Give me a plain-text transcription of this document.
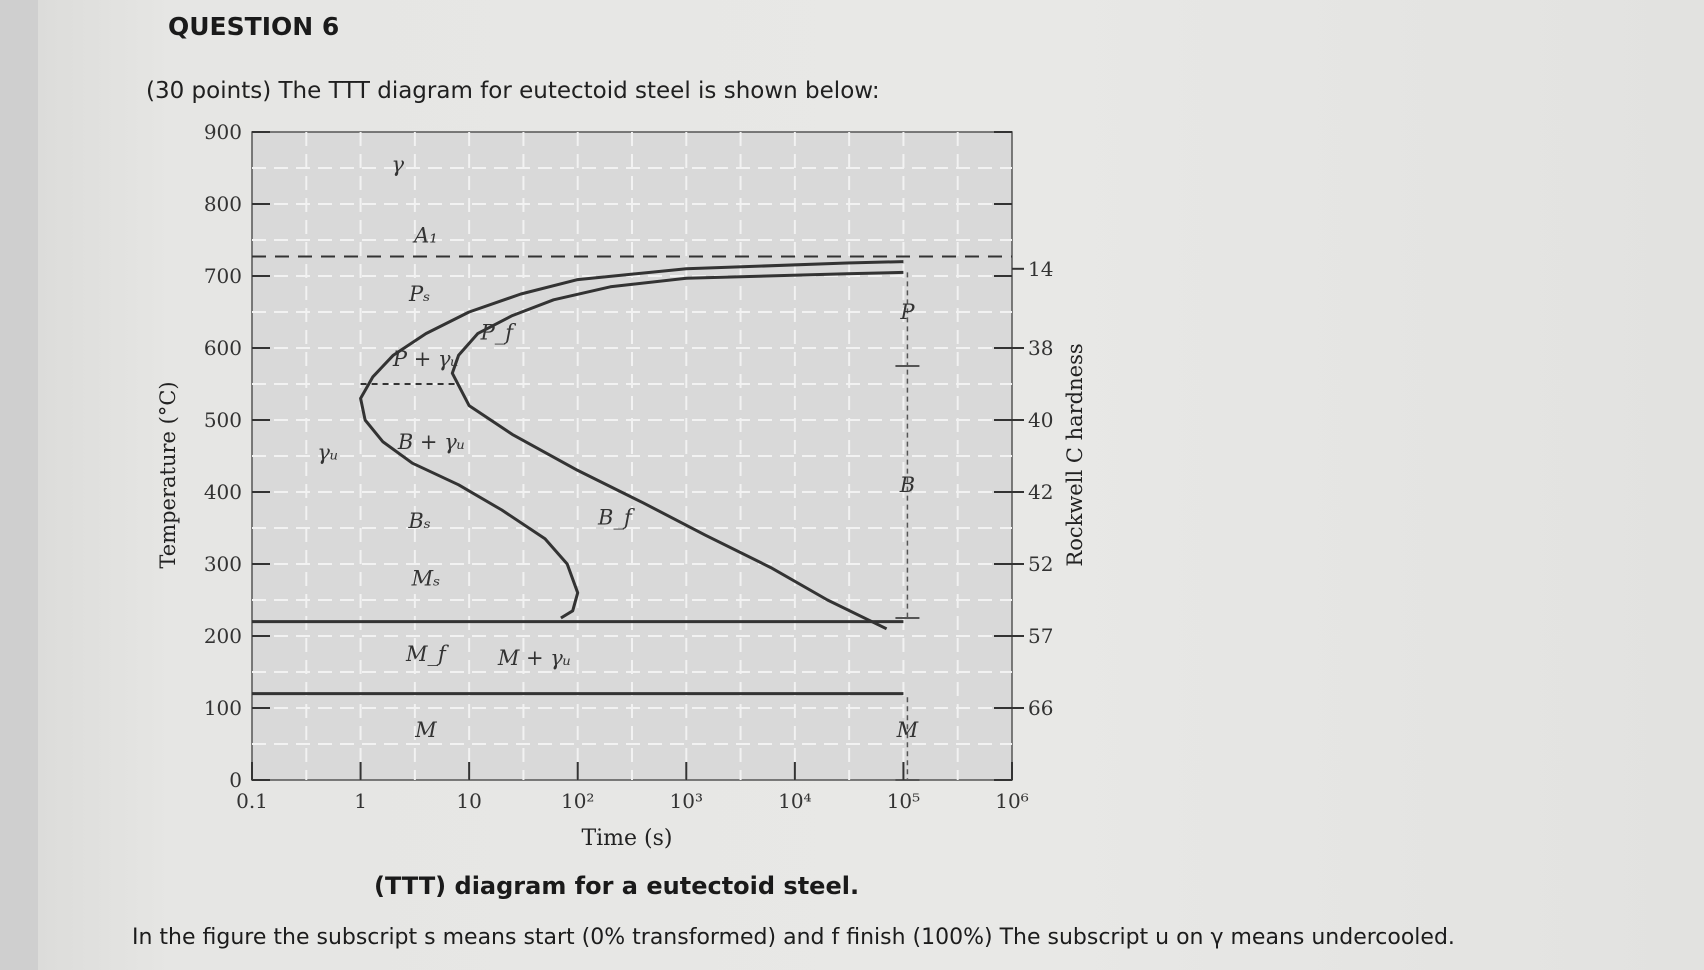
QUESTION 6
(30 points) The TTT diagram for eutectoid steel is shown below:
P
B
M
0
100
200
300
400
500
600
700
800
900
0.1	1	10	10²	10³	10⁴	10⁵	10⁶
14
38
40
42
52
57
66
γ
γᵤ
P + γᵤ
B + γᵤ
M + γᵤ
M
Pₛ
P_f
Bₛ	B_f
Mₛ
M_f
A₁
Time (s)
Temperature (°C)	Rockwell C hardness
(TTT) diagram for a eutectoid steel.
In the figure the subscript s means start (0% transformed) and f finish (100%) The subscript u on γ means undercooled.
